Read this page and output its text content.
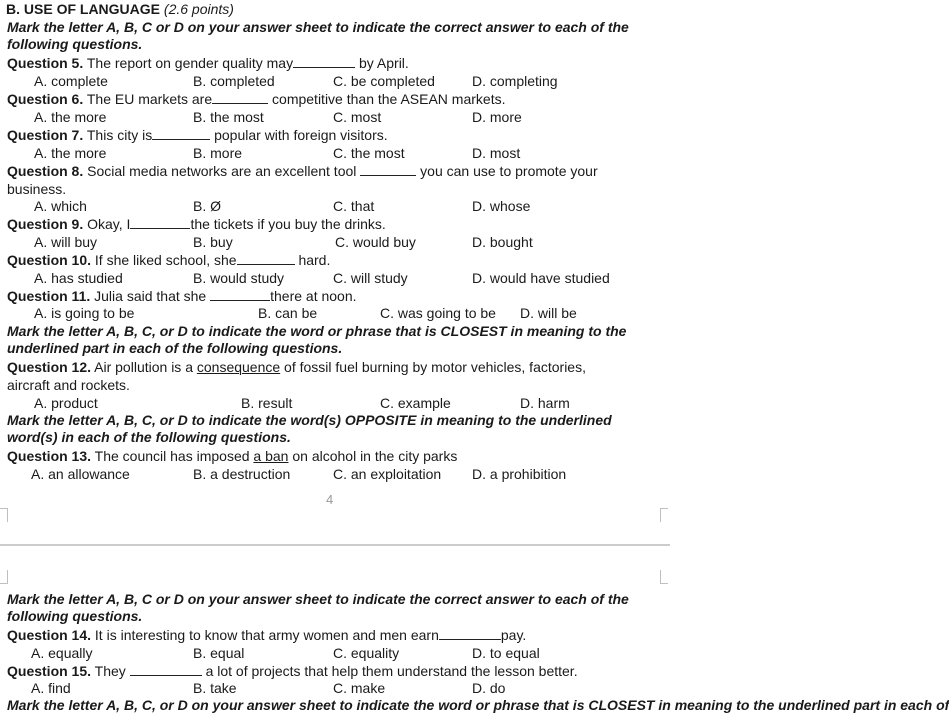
B. USE OF LANGUAGE (2.6 points)
Mark the letter A, B, C or D on your answer sheet to indicate the correct answer to each of the following questions.
Question 5. The report on gender quality may	by April.
A. complete	B. completed	C. be completed	D. completing
Question 6. The EU markets are	competitive than the ASEAN markets.
A. the more	B. the most	C. most	D. more
Question 7. This city is	popular with foreign visitors.
A. the more	B. more	C. the most	D. most
Question 8. Social media networks are an excellent tool	you can use to promote your
business.
A. which	B. Ø	C. that	D. whose
Question 9. Okay, I	the tickets if you buy the drinks.
A. will buy	B. buy	C. would buy	D. bought
Question 10. If she liked school, she	hard.
A. has studied	B. would study	C. will study	D. would have studied
Question 11. Julia said that she	there at noon.
A. is going to be	B. can be	C. was going to be D. will be
Mark the letter A, B, C, or D to indicate the word or phrase that is CLOSEST in meaning to the underlined part in each of the following questions.
Question 12. Air pollution is a consequence of fossil fuel burning by motor vehicles, factories,
aircraft and rockets.
A. product	B. result	C. example	D. harm
Mark the letter A, B, C, or D to indicate the word(s) OPPOSITE in meaning to the underlined word(s) in each of the following questions.
Question 13. The council has imposed a ban on alcohol in the city parks
A. an allowance	B. a destruction	C. an exploitation D. a prohibition
4
Mark the letter A, B, C or D on your answer sheet to indicate the correct answer to each of the following questions.
Question 14. It is interesting to know that army women and men earn	pay.
A. equally	B. equal	C. equality	D. to equal
Question 15. They	a lot of projects that help them understand the lesson better.
A. find	B. take	C. make	D. do
Mark the letter A, B, C, or D on your answer sheet to indicate the word or phrase that is CLOSEST in meaning to the underlined part in each of
